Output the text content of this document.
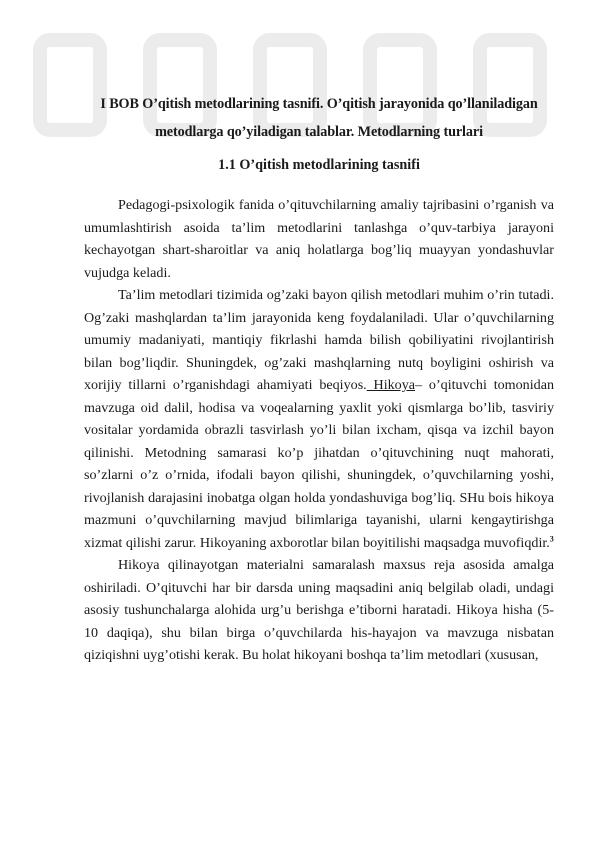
I BOB O’qitish metodlarining tasnifi. O’qitish jarayonida qo’llaniladigan

metodlarga qo’yiladigan talablar. Metodlarning turlari

1.1 O’qitish metodlarining tasnifi

Pedagogi-psixologik fanida o’qituvchilarning amaliy tajribasini o’rganish va umumlashtirish asoida ta’lim metodlarini tanlashga o’quv-tarbiya jarayoni kechayotgan shart-sharoitlar va aniq holatlarga bog’liq muayyan yondashuvlar vujudga keladi.

Ta’lim metodlari tizimida og’zaki bayon qilish metodlari muhim o’rin tutadi. Og’zaki mashqlardan ta’lim jarayonida keng foydalaniladi. Ular o’quvchilarning umumiy madaniyati, mantiqiy fikrlashi hamda bilish qobiliyatini rivojlantirish bilan bog’liqdir. Shuningdek, og’zaki mashqlarning nutq boyligini oshirish va xorijiy tillarni o’rganishdagi ahamiyati beqiyos. Hikoya– o’qituvchi tomonidan mavzuga oid dalil, hodisa va voqealarning yaxlit yoki qismlarga bo’lib, tasviriy vositalar yordamida obrazli tasvirlash yo’li bilan ixcham, qisqa va izchil bayon qilinishi. Metodning samarasi ko’p jihatdan o’qituvchining nuqt mahorati, so’zlarni o’z o’rnida, ifodali bayon qilishi, shuningdek, o’quvchilarning yoshi, rivojlanish darajasini inobatga olgan holda yondashuviga bog’liq. SHu bois hikoya mazmuni o’quvchilarning mavjud bilimlariga tayanishi, ularni kengaytirishga xizmat qilishi zarur. Hikoyaning axborotlar bilan boyitilishi maqsadga muvofiqdir.$^3$

Hikoya qilinayotgan materialni samaralash maxsus reja asosida amalga oshiriladi. O’qituvchi har bir darsda uning maqsadini aniq belgilab oladi, undagi asosiy tushunchalarga alohida urg’u berishga e’tiborni haratadi. Hikoya hisha (5-10 daqiqa), shu bilan birga o’quvchilarda his-hayajon va mavzuga nisbatan qiziqishni uyg’otishi kerak. Bu holat hikoyani boshqa ta’lim metodlari (xususan,
